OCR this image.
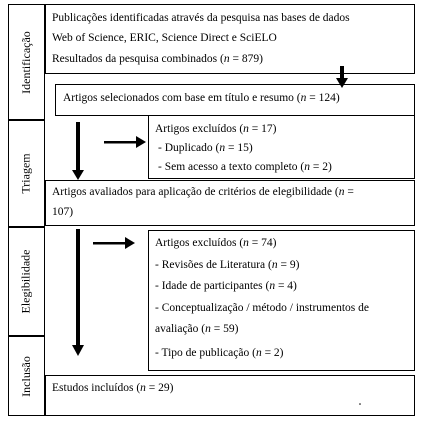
Identificação
Triagem
Elegibilidade
Inclusão
Publicações identificadas através da pesquisa nas bases de dados
Web of Science, ERIC, Science Direct e SciELO
Resultados da pesquisa combinados (n = 879)
Artigos selecionados com base em título e resumo (n = 124)
Artigos excluídos (n = 17)
- Duplicado (n = 15)
- Sem acesso a texto completo (n = 2)
Artigos avaliados para aplicação de critérios de elegibilidade (n =
107)
Artigos excluídos (n = 74)
- Revisões de Literatura (n = 9)
- Idade de participantes (n = 4)
- Conceptualização / método / instrumentos de
avaliação (n = 59)
- Tipo de publicação (n = 2)
Estudos incluídos (n = 29)
